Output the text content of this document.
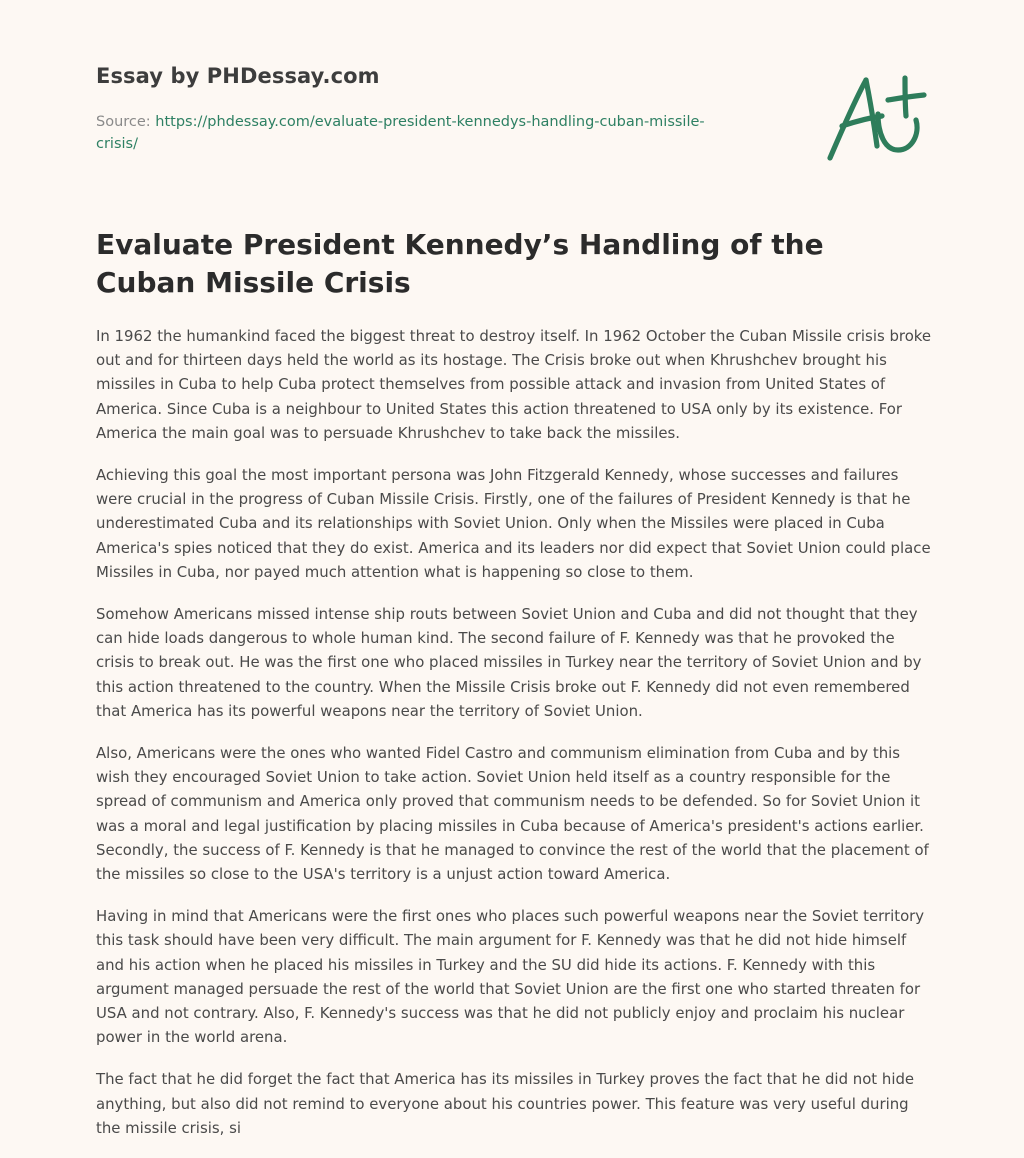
Essay by PHDessay.com
Source: https://phdessay.com/evaluate-president-kennedys-handling-cuban-missile-crisis/
Evaluate President Kennedy’s Handling of the Cuban Missile Crisis

In 1962 the humankind faced the biggest threat to destroy itself. In 1962 October the Cuban Missile crisis broke out and for thirteen days held the world as its hostage. The Crisis broke out when Khrushchev brought his missiles in Cuba to help Cuba protect themselves from possible attack and invasion from United States of America. Since Cuba is a neighbour to United States this action threatened to USA only by its existence. For America the main goal was to persuade Khrushchev to take back the missiles.

Achieving this goal the most important persona was John Fitzgerald Kennedy, whose successes and failures were crucial in the progress of Cuban Missile Crisis. Firstly, one of the failures of President Kennedy is that he underestimated Cuba and its relationships with Soviet Union. Only when the Missiles were placed in Cuba America's spies noticed that they do exist. America and its leaders nor did expect that Soviet Union could place Missiles in Cuba, nor payed much attention what is happening so close to them.

Somehow Americans missed intense ship routs between Soviet Union and Cuba and did not thought that they can hide loads dangerous to whole human kind. The second failure of F. Kennedy was that he provoked the crisis to break out. He was the first one who placed missiles in Turkey near the territory of Soviet Union and by this action threatened to the country. When the Missile Crisis broke out F. Kennedy did not even remembered that America has its powerful weapons near the territory of Soviet Union.

Also, Americans were the ones who wanted Fidel Castro and communism elimination from Cuba and by this wish they encouraged Soviet Union to take action. Soviet Union held itself as a country responsible for the spread of communism and America only proved that communism needs to be defended. So for Soviet Union it was a moral and legal justification by placing missiles in Cuba because of America's president's actions earlier. Secondly, the success of F. Kennedy is that he managed to convince the rest of the world that the placement of the missiles so close to the USA's territory is a unjust action toward America.

Having in mind that Americans were the first ones who places such powerful weapons near the Soviet territory this task should have been very difficult. The main argument for F. Kennedy was that he did not hide himself and his action when he placed his missiles in Turkey and the SU did hide its actions. F. Kennedy with this argument managed persuade the rest of the world that Soviet Union are the first one who started threaten for USA and not contrary. Also, F. Kennedy's success was that he did not publicly enjoy and proclaim his nuclear power in the world arena.

The fact that he did forget the fact that America has its missiles in Turkey proves the fact that he did not hide anything, but also did not remind to everyone about his countries power. This feature was very useful during the missile crisis, si
